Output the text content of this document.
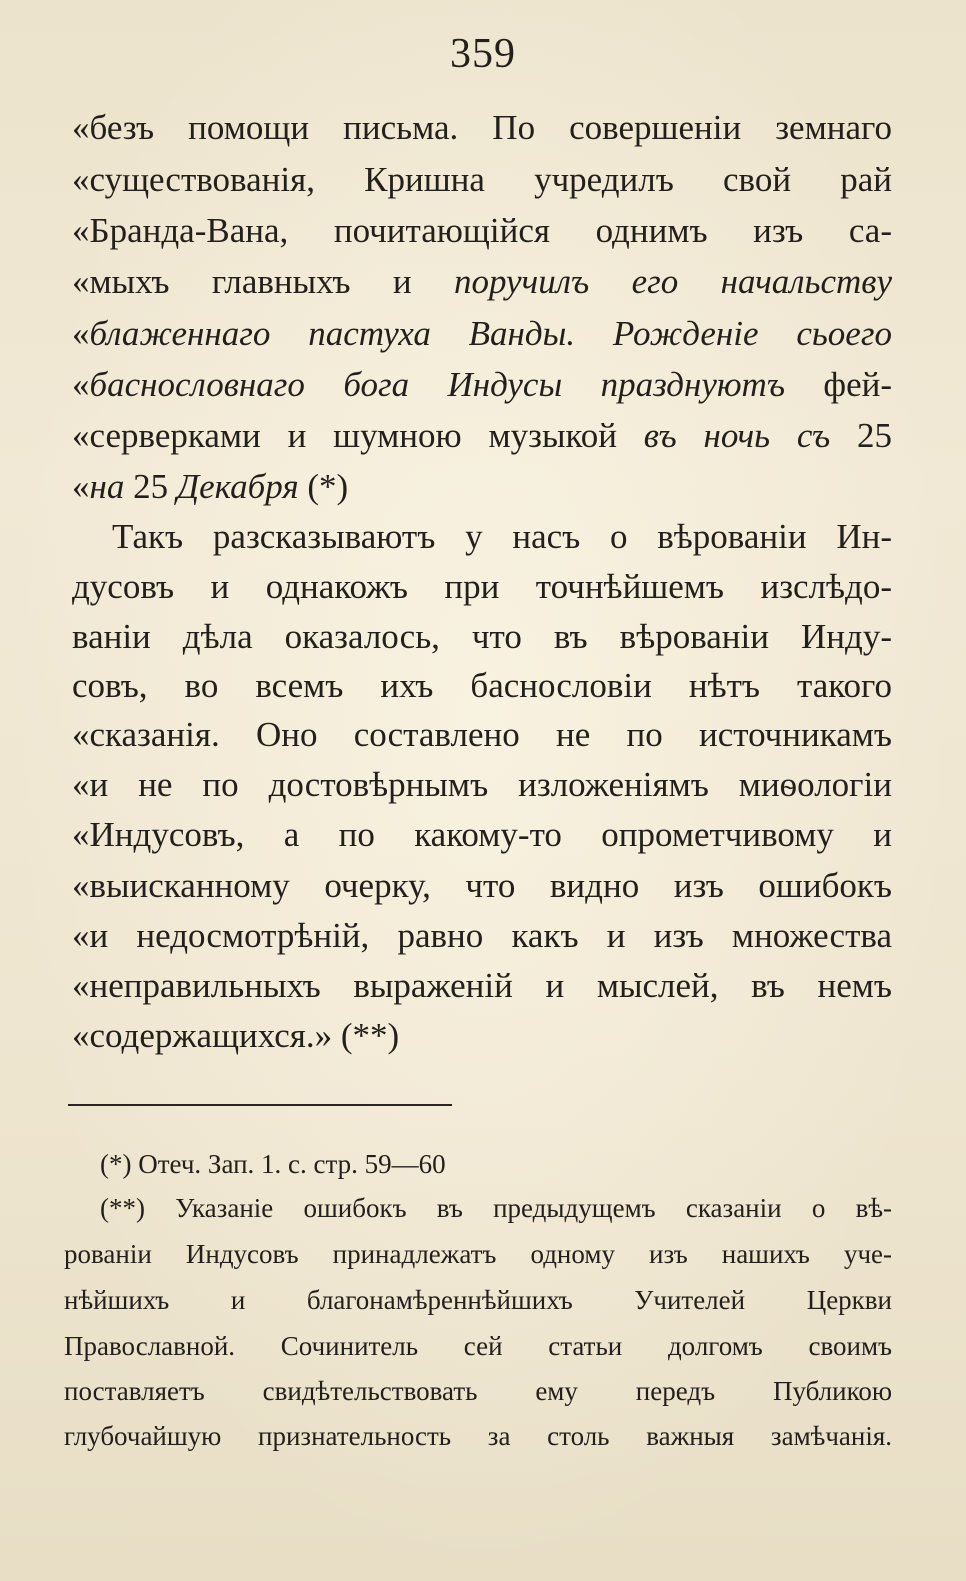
359
«безъ помощи письма. По совершеніи земнаго
«существованія, Кришна учредилъ свой рай
«Бранда-Вана, почитающійся однимъ изъ са-
«мыхъ главныхъ и поручилъ его начальству
«блаженнаго пастуха Ванды. Рожденіе сьоего
«баснословнаго бога Индусы празднуютъ фей-
«серверками и шумною музыкой въ ночь съ 25
«на 25 Декабря (*)
Такъ разсказываютъ у насъ о вѣрованіи Ин-
дусовъ и однакожъ при точнѣйшемъ изслѣдо-
ваніи дѣла оказалось, что въ вѣрованіи Инду-
совъ, во всемъ ихъ баснословіи нѣтъ такого
«сказанія. Оно составлено не по источникамъ
«и не по достовѣрнымъ изложеніямъ миѳологіи
«Индусовъ, а по какому-то опрометчивому и
«выисканному очерку, что видно изъ ошибокъ
«и недосмотрѣній, равно какъ и изъ множества
«неправильныхъ выраженій и мыслей, въ немъ
«содержащихся.» (**)
(*) Отеч. Зап. 1. с. стр. 59—60
(**) Указаніе ошибокъ въ предыдущемъ сказаніи о вѣ-
рованіи Индусовъ принадлежатъ одному изъ нашихъ уче-
нѣйшихъ и благонамѣреннѣйшихъ Учителей Церкви
Православной. Сочинитель сей статьи долгомъ своимъ
поставляетъ свидѣтельствовать ему передъ Публикою
глубочайшую признательность за столь важныя замѣчанія.
